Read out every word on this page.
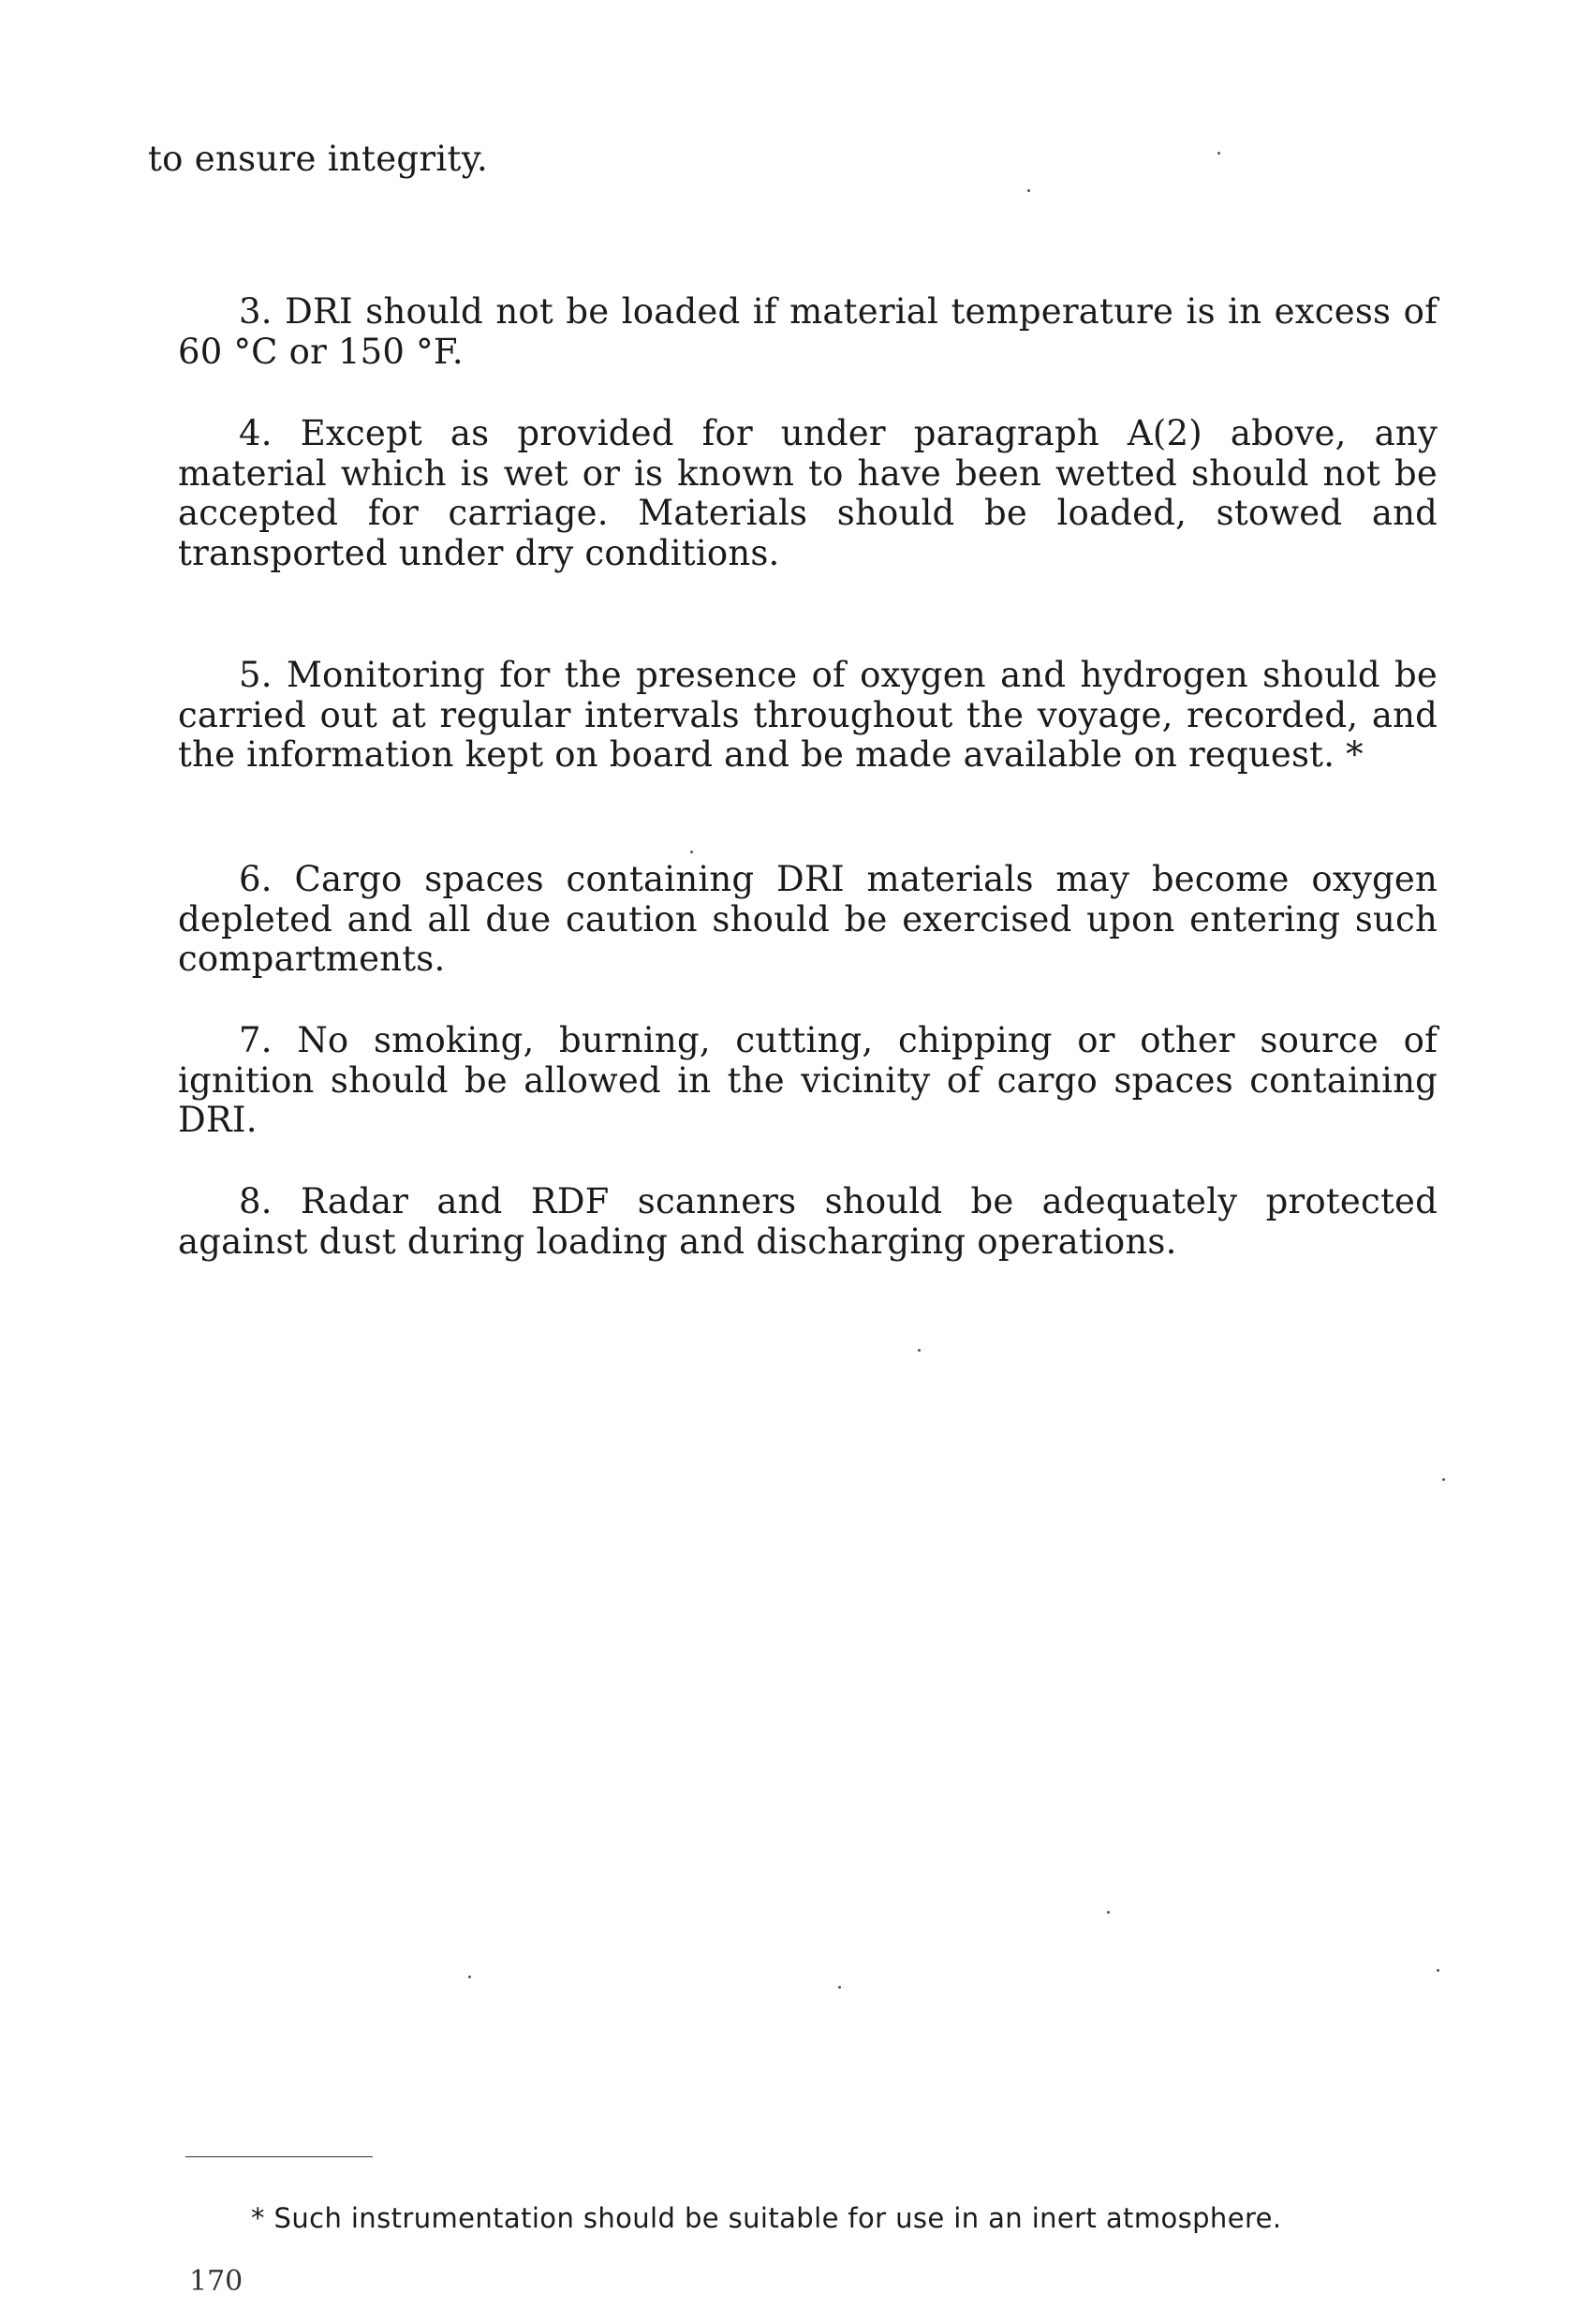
to ensure integrity.
3. DRI should not be loaded if material temperature is in excess of 60 °C or 150 °F.
4. Except as provided for under paragraph A(2) above, any material which is wet or is known to have been wetted should not be accepted for carriage. Materials should be loaded, stowed and transported under dry conditions.
5. Monitoring for the presence of oxygen and hydrogen should be carried out at regular intervals throughout the voyage, recorded, and the information kept on board and be made available on request. *
6. Cargo spaces containing DRI materials may become oxygen depleted and all due caution should be exercised upon entering such compartments.
7. No smoking, burning, cutting, chipping or other source of ignition should be allowed in the vicinity of cargo spaces containing DRI.
8. Radar and RDF scanners should be adequately protected against dust during loading and discharging operations.
* Such instrumentation should be suitable for use in an inert atmosphere.
170
